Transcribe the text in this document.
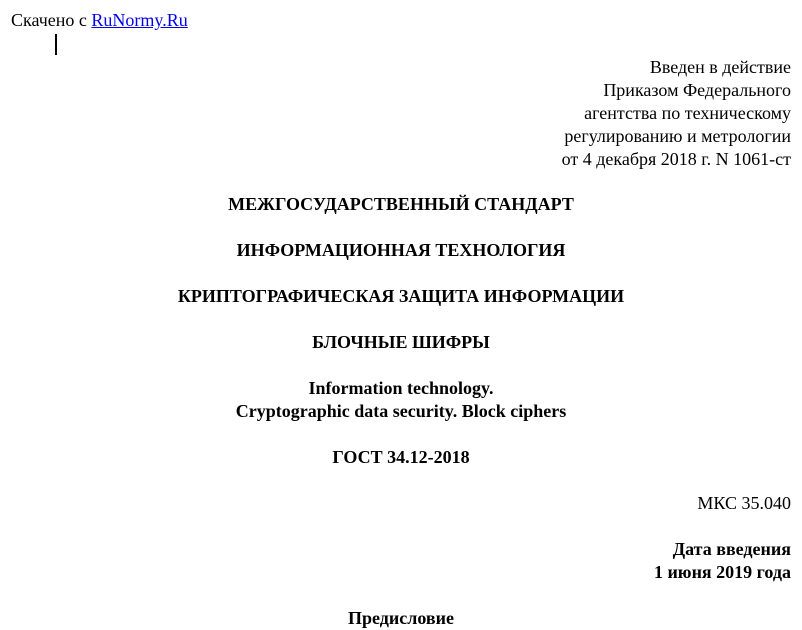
Скачено с RuNormy.Ru
Введен в действие
Приказом Федерального
агентства по техническому
регулированию и метрологии
от 4 декабря 2018 г. N 1061-ст
МЕЖГОСУДАРСТВЕННЫЙ СТАНДАРТ
ИНФОРМАЦИОННАЯ ТЕХНОЛОГИЯ
КРИПТОГРАФИЧЕСКАЯ ЗАЩИТА ИНФОРМАЦИИ
БЛОЧНЫЕ ШИФРЫ
Information technology.
Cryptographic data security. Block ciphers
ГОСТ 34.12-2018
МКС 35.040
Дата введения
1 июня 2019 года
Предисловие
